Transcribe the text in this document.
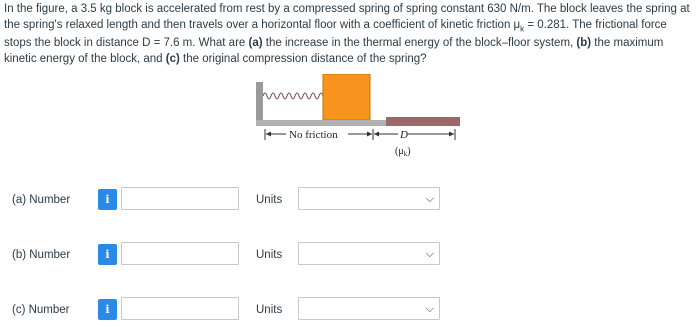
In the figure, a 3.5 kg block is accelerated from rest by a compressed spring of spring constant 630 N/m. The block leaves the spring at the spring's relaxed length and then travels over a horizontal floor with a coefficient of kinetic friction $\mu_k = 0.281$. The frictional force stops the block in distance D = 7.6 m. What are (a) the increase in the thermal energy of the block–floor system, (b) the maximum kinetic energy of the block, and (c) the original compression distance of the spring?
No friction	D
$(\mu_k)$
(a) Number	i	Units	⌵
(b) Number	i	Units	⌵
(c) Number	i	Units	⌵
